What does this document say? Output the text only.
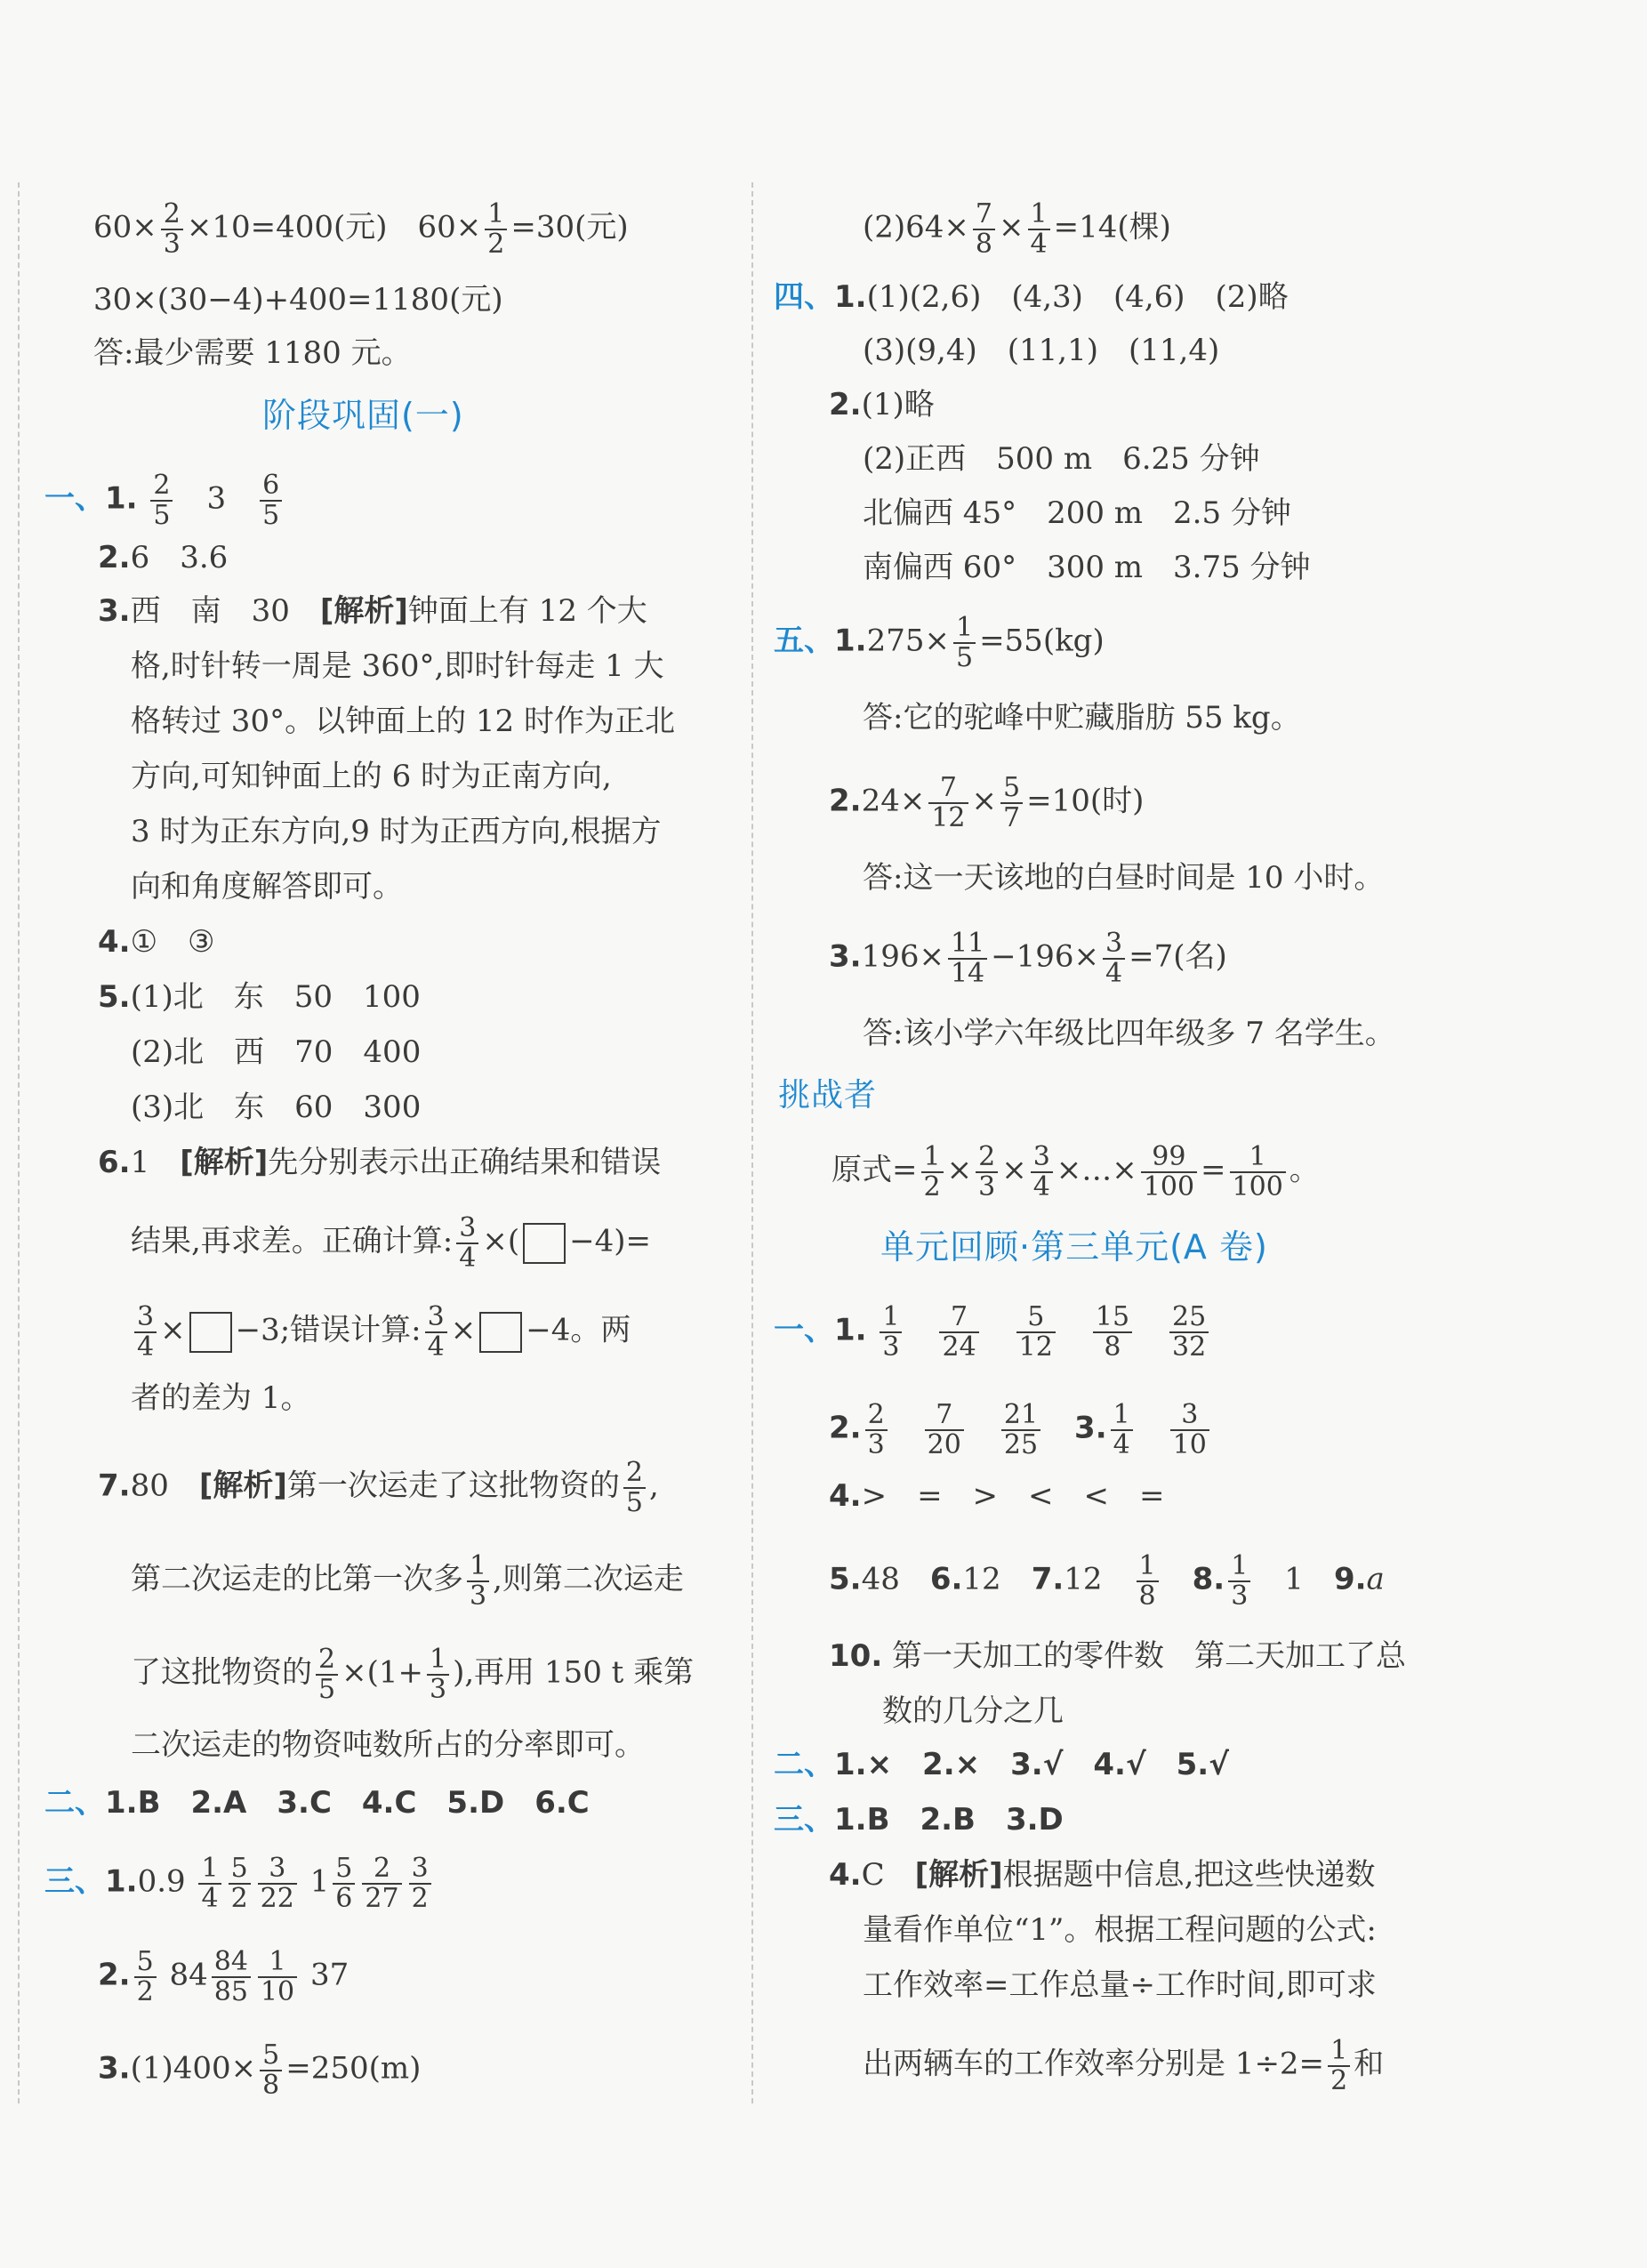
$60\times \frac{2}{3} \times 10=400$(元)　$60\times \frac{1}{2} =30$(元)
30×(30−4)+400=1180(元)
答:最少需要 1180 元。
阶段巩固(一)
一、1. $\frac{2}{5}$
　 3　 $\frac{6}{5}$
2.6　3.6
3.西　南　30　[解析]钟面上有 12 个大
格,时针转一周是 360°,即时针每走 1 大
格转过 30°。以钟面上的 12 时作为正北
方向,可知钟面上的 6 时为正南方向,
3 时为正东方向,9 时为正西方向,根据方
向和角度解答即可。
4.①　③
5.(1)北　东　50　100
(2)北　西　70　400
(3)北　东　60　300
6.1　[解析]先分别表示出正确结果和错误
结果,再求差。正确计算: $\frac{3}{4}$ ×( −4)=
$\frac{3}{4} \times -3$;错误计算: $\frac{3}{4} \times -4$。两
者的差为 1。
7.80　[解析]第一次运走了这批物资的 $\frac{2}{5}$ ,
第二次运走的比第一次多 $\frac{1}{3}$ ,则第二次运走
了这批物资的 $\frac{2}{5} \times(1+ \frac{1}{3}$ ),再用 150 t 乘第
二次运走的物资吨数所占的分率即可。
二、1.B　2.A　3.C　4.C　5.D　6.C
三、$1.0.9 \frac{1}{4} \frac{5}{2} \frac{3}{22} 1 \frac{5}{6} \frac{2}{27} \frac{3}{2}$
2. $\frac{5}{2} 84 \frac{84}{85} \frac{1}{10} 37$
$3.(1)400\times \frac{5}{8} =250(m)$
$(2)64\times \frac{7}{8} \times \frac{1}{4} =14$(棵)
四、1.(1)(2,6)　(4,3)　(4,6)　(2)略
(3)(9,4)　(11,1)　(11,4)
2.(1)略
(2)正西　500 m　6.25 分钟
北偏西 45°　200 m　2.5 分钟
南偏西 60°　300 m　3.75 分钟
五、$1.275\times \frac{1}{5} =55(kg)$
答:它的驼峰中贮藏脂肪 55 kg。
$2.24\times \frac{7}{12} \times \frac{5}{7} =10$(时)
答:这一天该地的白昼时间是 10 小时。
$3.196\times \frac{11}{14} -196\times \frac{3}{4} =7$(名)
答:该小学六年级比四年级多 7 名学生。
挑战者
原式= $\frac{1}{2} \times \frac{2}{3} \times \frac{3}{4}$ ×…× $\frac{99}{100} = \frac{1}{100}$ 。
单元回顾·第三单元(A 卷)
一、1. $\frac{1}{3}$
　 $\frac{7}{24}$
　 $\frac{5}{12}$
　 $\frac{15}{8}$
　 $\frac{25}{32}$
2. $\frac{2}{3}$
　 $\frac{7}{20}$
　 $\frac{21}{25}$
　 3. $\frac{1}{4}$
　 $\frac{3}{10}$
4.>　=　>　<　<　=
5.48　 6.12　 7.12　 $\frac{1}{8}$
　 8. $\frac{1}{3}$
　 1　 9.a
10. 第一天加工的零件数　第二天加工了总
数的几分之几
二、1.×　2.×　3.√　4.√　5.√
三、1.B　2.B　3.D
4.C　[解析]根据题中信息,把这些快递数
量看作单位“1”。根据工程问题的公式:
工作效率=工作总量÷工作时间,即可求
出两辆车的工作效率分别是 $1\div 2= \frac{1}{2}$ 和
